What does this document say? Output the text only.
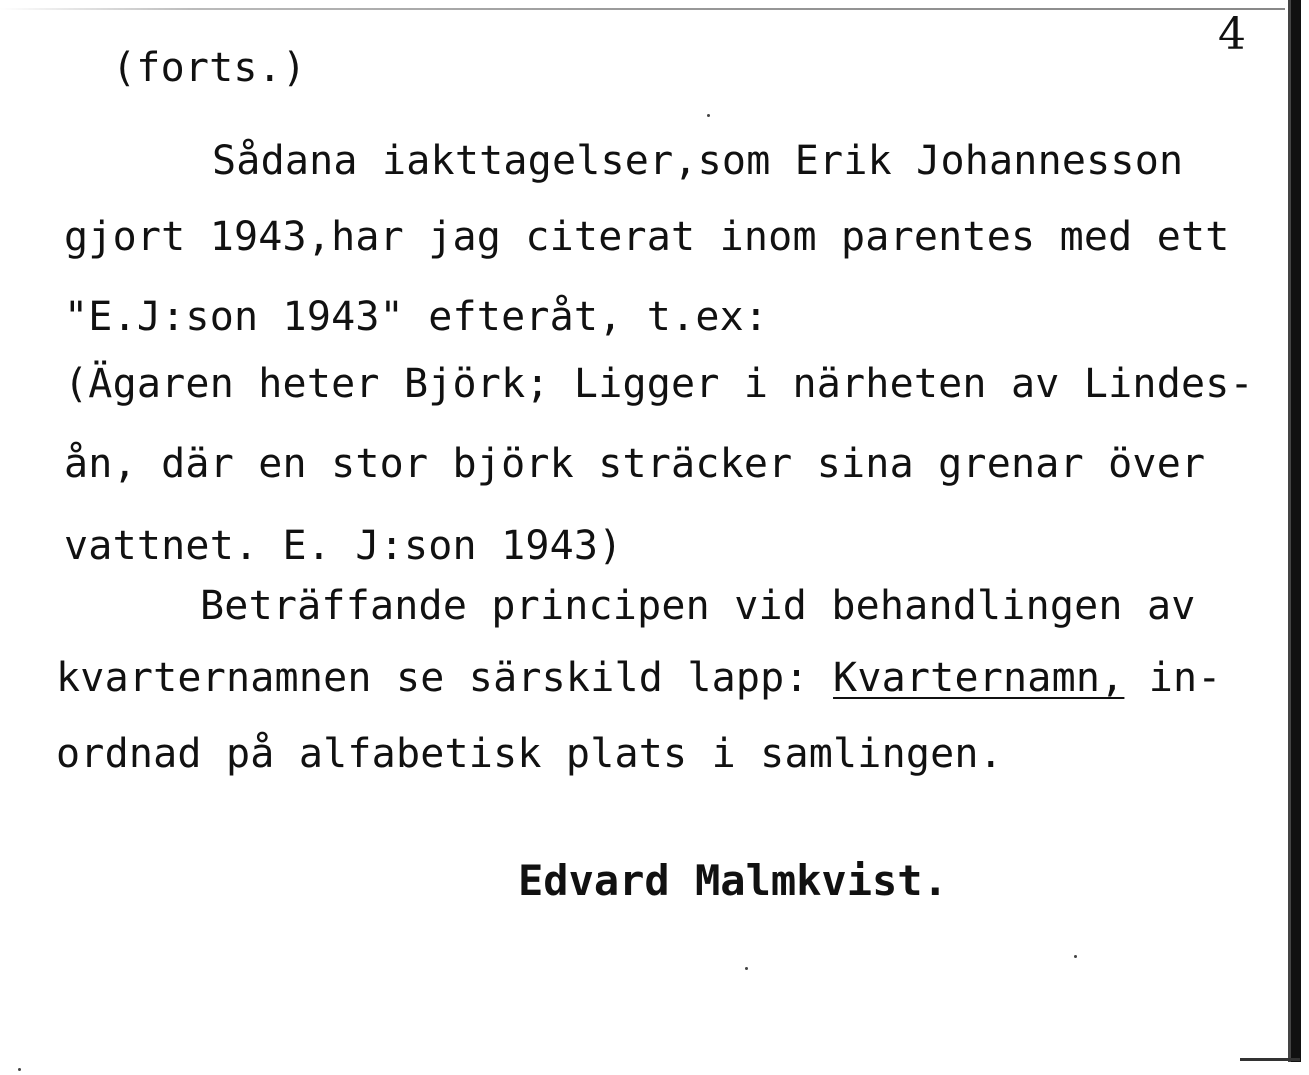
4
(forts.)
Sådana iakttagelser,som Erik Johannesson
gjort 1943,har jag citerat inom parentes med ett
"E.J:son 1943" efteråt, t.ex:
(Ägaren heter Björk; Ligger i närheten av Lindes-
ån, där en stor björk sträcker sina grenar över
vattnet. E. J:son 1943)
Beträffande principen vid behandlingen av
kvarternamnen se särskild lapp: Kvarternamn, in-
ordnad på alfabetisk plats i samlingen.
Edvard Malmkvist.
